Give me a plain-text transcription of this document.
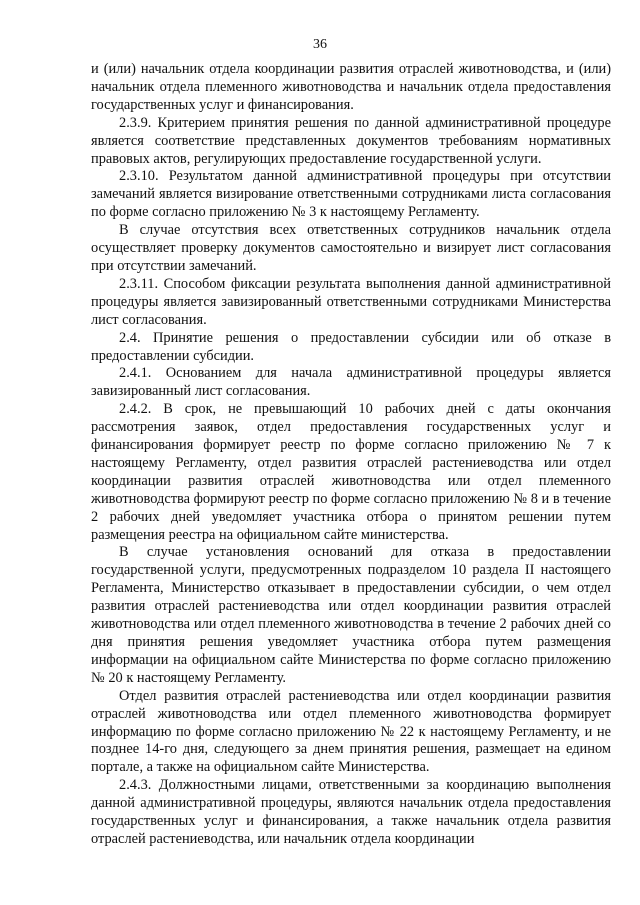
36

и (или) начальник отдела координации развития отраслей животноводства, и (или) начальник отдела племенного животноводства и начальник отдела предоставления государственных услуг и финансирования.

2.3.9. Критерием принятия решения по данной административной процедуре является соответствие представленных документов требованиям нормативных правовых актов, регулирующих предоставление государственной услуги.

2.3.10. Результатом данной административной процедуры при отсутствии замечаний является визирование ответственными сотрудниками листа согласования по форме согласно приложению № 3 к настоящему Регламенту.

В случае отсутствия всех ответственных сотрудников начальник отдела осуществляет проверку документов самостоятельно и визирует лист согласования при отсутствии замечаний.

2.3.11. Способом фиксации результата выполнения данной административной процедуры является завизированный ответственными сотрудниками Министерства лист согласования.

2.4. Принятие решения о предоставлении субсидии или об отказе в предоставлении субсидии.

2.4.1. Основанием для начала административной процедуры является завизированный лист согласования.

2.4.2. В срок, не превышающий 10 рабочих дней с даты окончания рассмотрения заявок, отдел предоставления государственных услуг и финансирования формирует реестр по форме согласно приложению № 7 к настоящему Регламенту, отдел развития отраслей растениеводства или отдел координации развития отраслей животноводства или отдел племенного животноводства формируют реестр по форме согласно приложению № 8 и в течение 2 рабочих дней уведомляет участника отбора о принятом решении путем размещения реестра на официальном сайте министерства.

В случае установления оснований для отказа в предоставлении государственной услуги, предусмотренных подразделом 10 раздела II настоящего Регламента, Министерство отказывает в предоставлении субсидии, о чем отдел развития отраслей растениеводства или отдел координации развития отраслей животноводства или отдел племенного животноводства в течение 2 рабочих дней со дня принятия решения уведомляет участника отбора путем размещения информации на официальном сайте Министерства по форме согласно приложению № 20 к настоящему Регламенту.

Отдел развития отраслей растениеводства или отдел координации развития отраслей животноводства или отдел племенного животноводства формирует информацию по форме согласно приложению № 22 к настоящему Регламенту, и не позднее 14-го дня, следующего за днем принятия решения, размещает на едином портале, а также на официальном сайте Министерства.

2.4.3. Должностными лицами, ответственными за координацию выполнения данной административной процедуры, являются начальник отдела предоставления государственных услуг и финансирования, а также начальник отдела развития отраслей растениеводства, или начальник отдела координации
